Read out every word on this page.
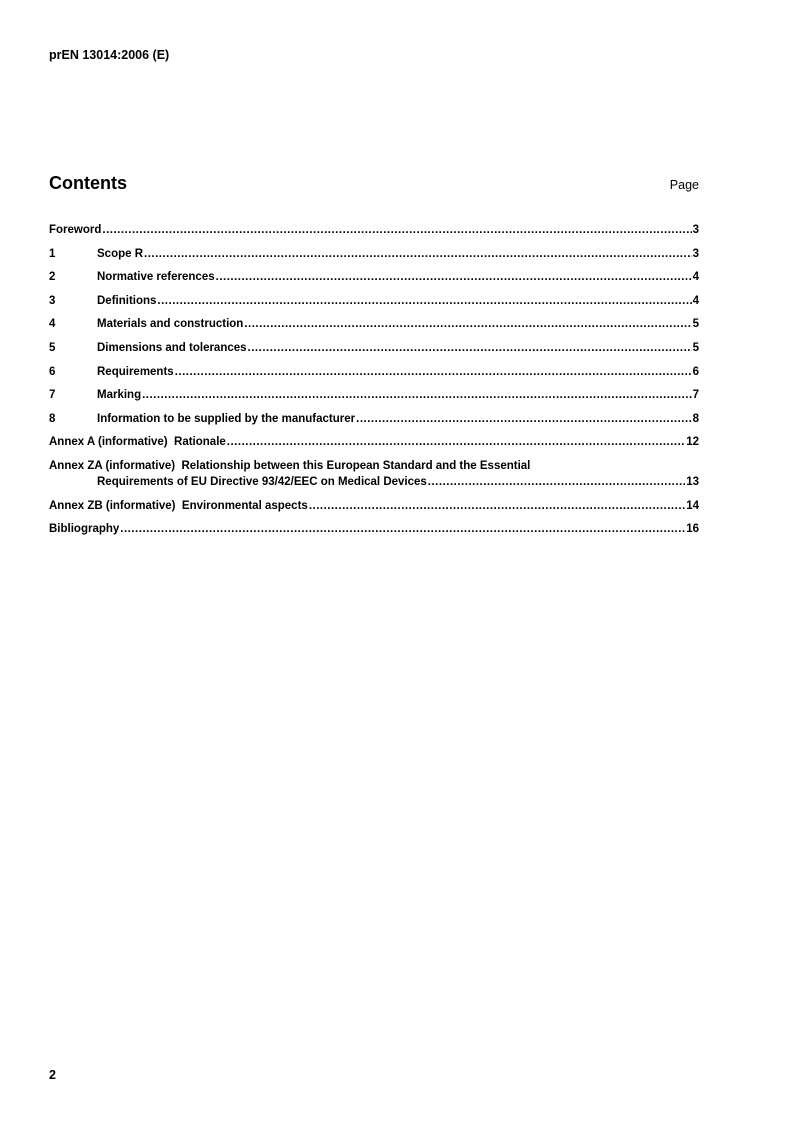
prEN 13014:2006 (E)
Contents	Page
Foreword .....	3
1	Scope R .....	3
2	Normative references .....	4
3	Definitions .....	4
4	Materials and construction .....	5
5	Dimensions and tolerances .....	5
6	Requirements .....	6
7	Marking .....	7
8	Information to be supplied by the manufacturer .....	8
Annex A (informative)  Rationale .....	12
Annex ZA (informative)  Relationship between this European Standard and the Essential
Requirements of EU Directive 93/42/EEC on Medical Devices .....	13
Annex ZB (informative)  Environmental aspects .....	14
Bibliography .....	16
2
